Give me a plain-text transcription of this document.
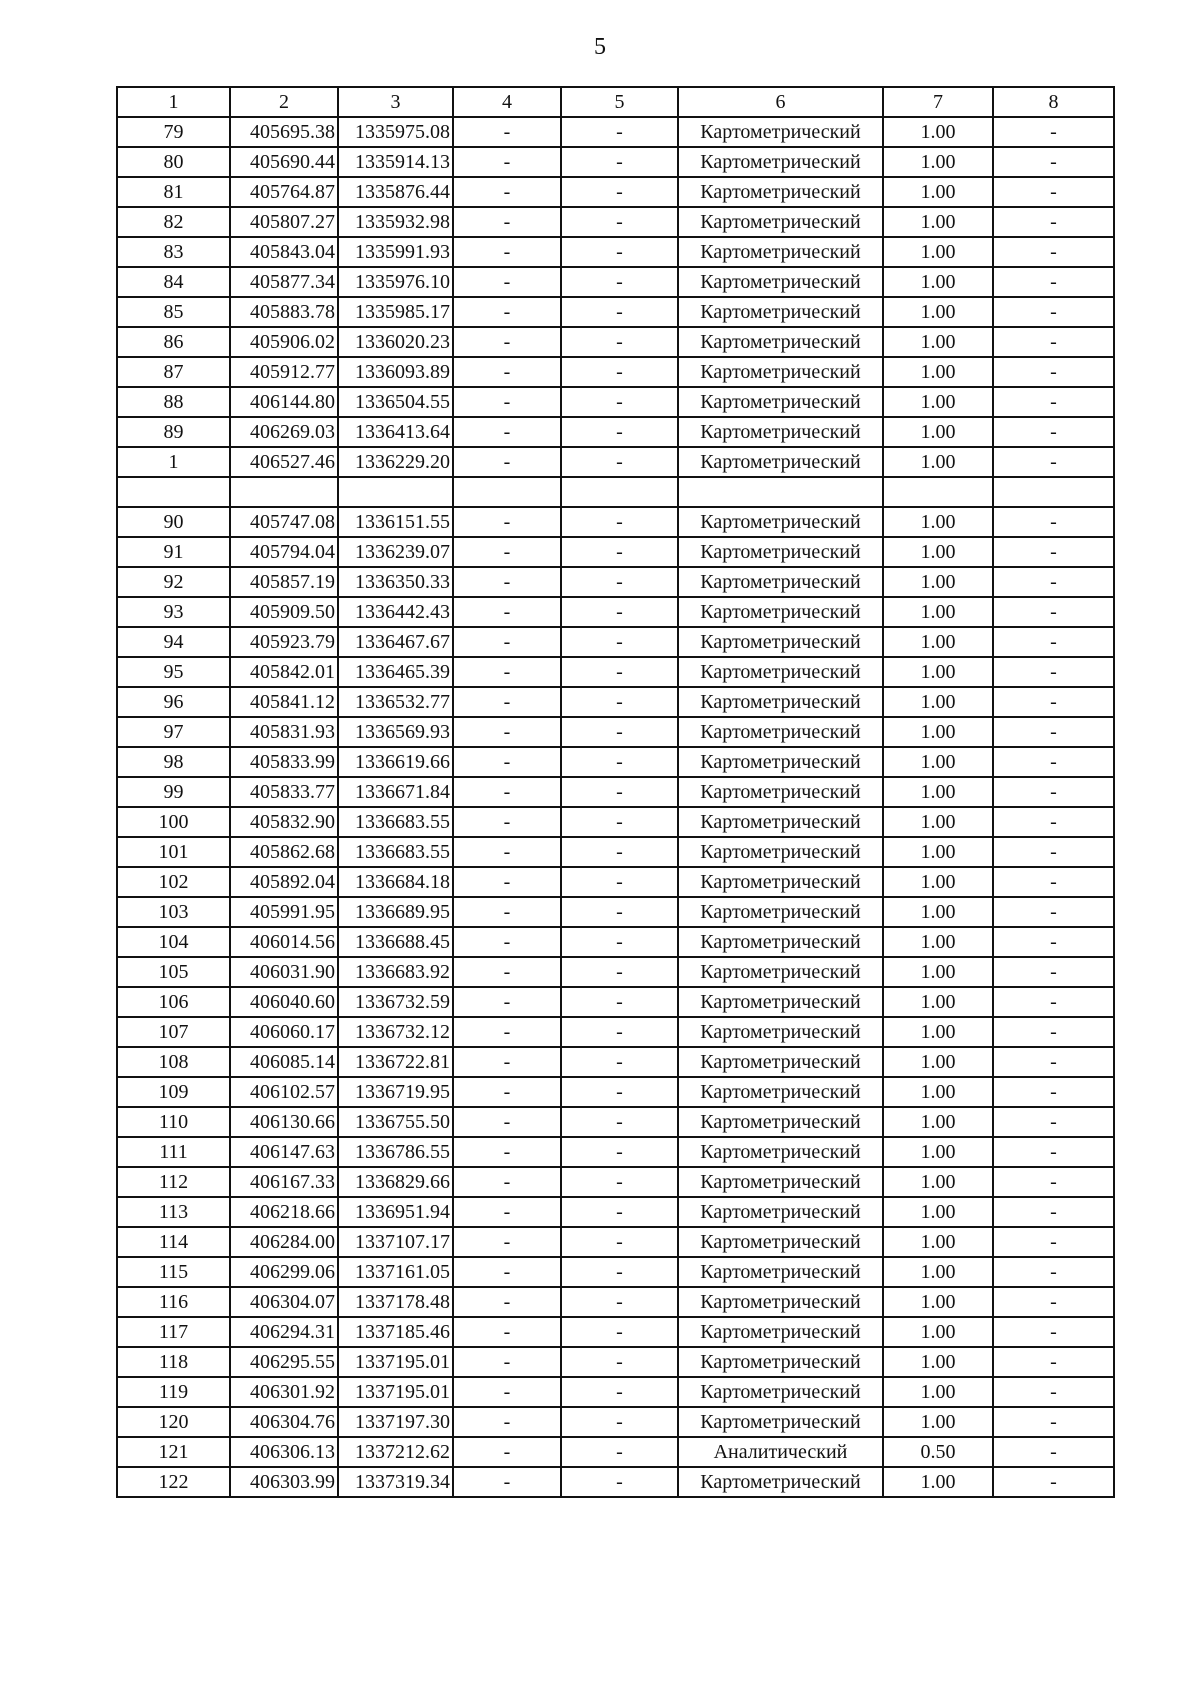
5
1	2	3	4	5	6	7	8
79	405695.38	1335975.08	-	-	Картометрический	1.00	-
80	405690.44	1335914.13	-	-	Картометрический	1.00	-
81	405764.87	1335876.44	-	-	Картометрический	1.00	-
82	405807.27	1335932.98	-	-	Картометрический	1.00	-
83	405843.04	1335991.93	-	-	Картометрический	1.00	-
84	405877.34	1335976.10	-	-	Картометрический	1.00	-
85	405883.78	1335985.17	-	-	Картометрический	1.00	-
86	405906.02	1336020.23	-	-	Картометрический	1.00	-
87	405912.77	1336093.89	-	-	Картометрический	1.00	-
88	406144.80	1336504.55	-	-	Картометрический	1.00	-
89	406269.03	1336413.64	-	-	Картометрический	1.00	-
1	406527.46	1336229.20	-	-	Картометрический	1.00	-

90	405747.08	1336151.55	-	-	Картометрический	1.00	-
91	405794.04	1336239.07	-	-	Картометрический	1.00	-
92	405857.19	1336350.33	-	-	Картометрический	1.00	-
93	405909.50	1336442.43	-	-	Картометрический	1.00	-
94	405923.79	1336467.67	-	-	Картометрический	1.00	-
95	405842.01	1336465.39	-	-	Картометрический	1.00	-
96	405841.12	1336532.77	-	-	Картометрический	1.00	-
97	405831.93	1336569.93	-	-	Картометрический	1.00	-
98	405833.99	1336619.66	-	-	Картометрический	1.00	-
99	405833.77	1336671.84	-	-	Картометрический	1.00	-
100	405832.90	1336683.55	-	-	Картометрический	1.00	-
101	405862.68	1336683.55	-	-	Картометрический	1.00	-
102	405892.04	1336684.18	-	-	Картометрический	1.00	-
103	405991.95	1336689.95	-	-	Картометрический	1.00	-
104	406014.56	1336688.45	-	-	Картометрический	1.00	-
105	406031.90	1336683.92	-	-	Картометрический	1.00	-
106	406040.60	1336732.59	-	-	Картометрический	1.00	-
107	406060.17	1336732.12	-	-	Картометрический	1.00	-
108	406085.14	1336722.81	-	-	Картометрический	1.00	-
109	406102.57	1336719.95	-	-	Картометрический	1.00	-
110	406130.66	1336755.50	-	-	Картометрический	1.00	-
111	406147.63	1336786.55	-	-	Картометрический	1.00	-
112	406167.33	1336829.66	-	-	Картометрический	1.00	-
113	406218.66	1336951.94	-	-	Картометрический	1.00	-
114	406284.00	1337107.17	-	-	Картометрический	1.00	-
115	406299.06	1337161.05	-	-	Картометрический	1.00	-
116	406304.07	1337178.48	-	-	Картометрический	1.00	-
117	406294.31	1337185.46	-	-	Картометрический	1.00	-
118	406295.55	1337195.01	-	-	Картометрический	1.00	-
119	406301.92	1337195.01	-	-	Картометрический	1.00	-
120	406304.76	1337197.30	-	-	Картометрический	1.00	-
121	406306.13	1337212.62	-	-	Аналитический	0.50	-
122	406303.99	1337319.34	-	-	Картометрический	1.00	-
